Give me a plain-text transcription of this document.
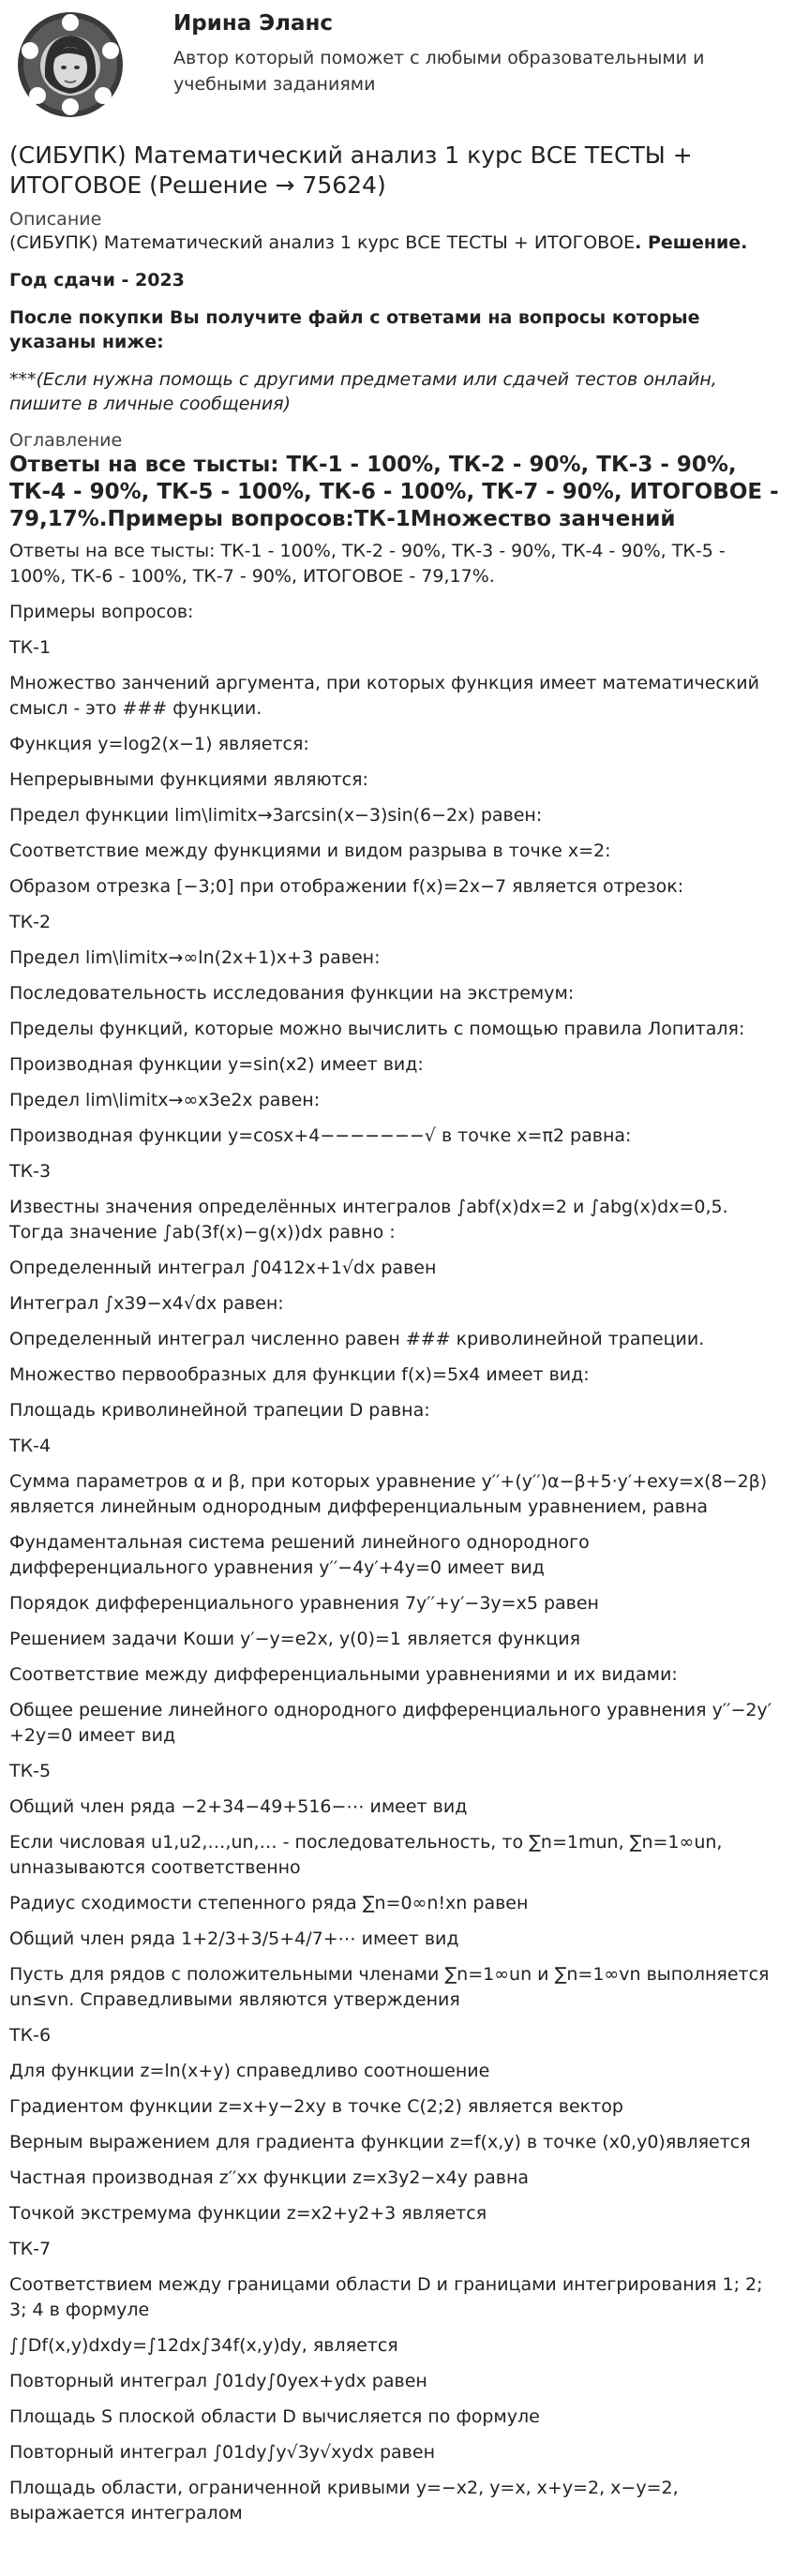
Ирина Эланс
Автор который поможет с любыми образовательными и учебными заданиями
(СИБУПК) Математический анализ 1 курс ВСЕ ТЕСТЫ + ИТОГОВОЕ (Решение → 75624)
Описание
(СИБУПК) Математический анализ 1 курс ВСЕ ТЕСТЫ + ИТОГОВОЕ. Решение.
Год сдачи - 2023
После покупки Вы получите файл с ответами на вопросы которые указаны ниже:
***(Если нужна помощь с другими предметами или сдачей тестов онлайн, пишите в личные сообщения)
Оглавление
Ответы на все тысты: ТК-1 - 100%, ТК-2 - 90%, ТК-3 - 90%, ТК-4 - 90%, ТК-5 - 100%, ТК-6 - 100%, ТК-7 - 90%, ИТОГОВОЕ - 79,17%.Примеры вопросов:ТК-1Множество занчений
Ответы на все тысты: ТК-1 - 100%, ТК-2 - 90%, ТК-3 - 90%, ТК-4 - 90%, ТК-5 - 100%, ТК-6 - 100%, ТК-7 - 90%, ИТОГОВОЕ - 79,17%.
Примеры вопросов:
ТК-1
Множество занчений аргумента, при которых функция имеет математический смысл - это ### функции.
Функция y=log2(x−1) является:
Непрерывными функциями являются:
Предел функции lim\limitx→3arcsin(x−3)sin(6−2x) равен:
Соответствие между функциями и видом разрыва в точке x=2:
Образом отрезка [−3;0] при отображении f(x)=2x−7 является отрезок:
ТК-2
Предел lim\limitx→∞ln(2x+1)x+3 равен:
Последовательность исследования функции на экстремум:
Пределы функций, которые можно вычислить с помощью правила Лопиталя:
Производная функции y=sin(x2) имеет вид:
Предел lim\limitx→∞x3e2x равен:
Производная функции y=cosx+4−−−−−−−√ в точке x=π2 равна:
ТК-3
Известны значения определённых интегралов ∫abf(x)dx=2 и ∫abg(x)dx=0,5. Тогда значение ∫ab(3f(x)−g(x))dx равно :
Определенный интеграл ∫0412x+1√dx равен
Интеграл ∫x39−x4√dx равен:
Определенный интеграл численно равен ### криволинейной трапеции.
Множество первообразных для функции f(x)=5x4 имеет вид:
Площадь криволинейной трапеции D равна:
ТК-4
Сумма параметров α и β, при которых уравнение y′′+(y′′)α−β+5⋅y′+exy=x(8−2β) является линейным однородным дифференциальным уравнением, равна
Фундаментальная система решений линейного однородного дифференциального уравнения y′′−4y′+4y=0 имеет вид
Порядок дифференциального уравнения 7y′′+y′−3y=x5 равен
Решением задачи Коши y′−y=e2x, y(0)=1 является функция
Соответствие между дифференциальными уравнениями и их видами:
Общее решение линейного однородного дифференциального уравнения y′′−2y′+2y=0 имеет вид
ТК-5
Общий член ряда −2+34−49+516−⋯ имеет вид
Если числовая u1,u2,…,un,… - последовательность, то ∑n=1mun, ∑n=1∞un, unназываются соответственно
Радиус сходимости степенного ряда ∑n=0∞n!xn равен
Общий член ряда 1+2/3+3/5+4/7+⋯ имеет вид
Пусть для рядов с положительными членами ∑n=1∞un и ∑n=1∞vn выполняется un≤vn. Справедливыми являются утверждения
ТК-6
Для функции z=ln(x+y) справедливо соотношение
Градиентом функции z=x+y−2xy в точке C(2;2) является вектор
Верным выражением для градиента функции z=f(x,y) в точке (x0,y0)является
Частная производная z′′xx функции z=x3y2−x4y равна
Точкой экстремума функции z=x2+y2+3 является
ТК-7
Соответствием между границами области D и границами интегрирования 1; 2; 3; 4 в формуле
∫∫Df(x,y)dxdy=∫12dx∫34f(x,y)dy, является
Повторный интеграл ∫01dy∫0yex+ydx равен
Площадь S плоской области D вычисляется по формуле
Повторный интеграл ∫01dy∫y√3y√xydx равен
Площадь области, ограниченной кривыми y=−x2, y=x, x+y=2, x−y=2, выражается интегралом
